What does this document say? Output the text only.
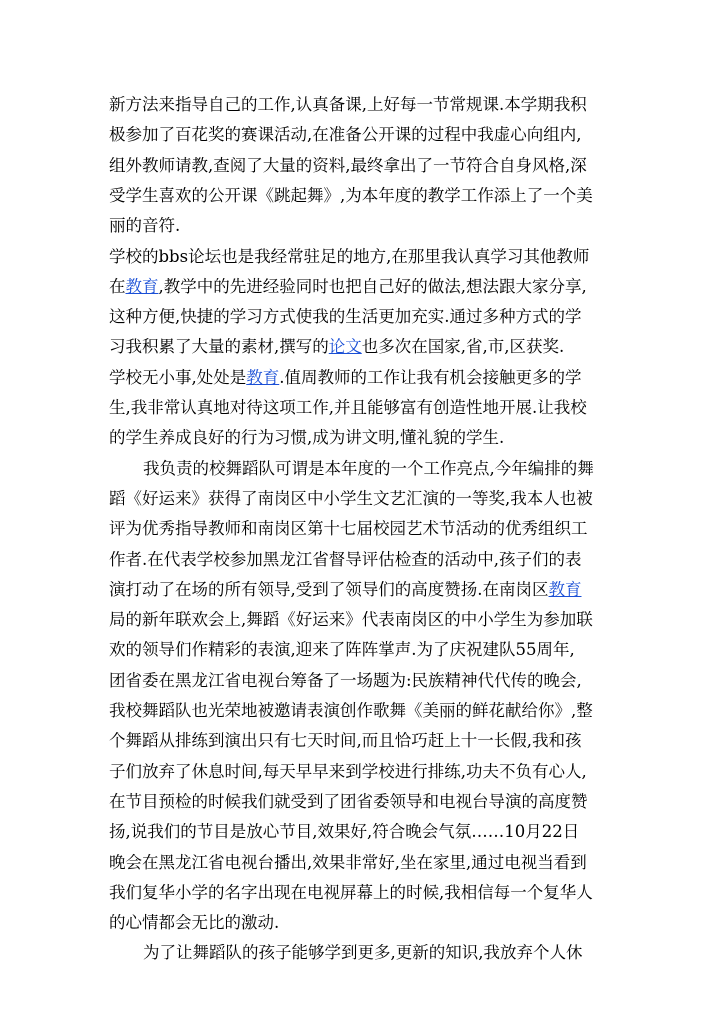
新方法来指导自己的工作,认真备课,上好每一节常规课.本学期我积
极参加了百花奖的赛课活动,在准备公开课的过程中我虚心向组内,
组外教师请教,查阅了大量的资料,最终拿出了一节符合自身风格,深
受学生喜欢的公开课《跳起舞》,为本年度的教学工作添上了一个美
丽的音符.
学校的bbs论坛也是我经常驻足的地方,在那里我认真学习其他教师
在教育,教学中的先进经验同时也把自己好的做法,想法跟大家分享,
这种方便,快捷的学习方式使我的生活更加充实.通过多种方式的学
习我积累了大量的素材,撰写的论文也多次在国家,省,市,区获奖.
学校无小事,处处是教育.值周教师的工作让我有机会接触更多的学
生,我非常认真地对待这项工作,并且能够富有创造性地开展.让我校
的学生养成良好的行为习惯,成为讲文明,懂礼貌的学生.
我负责的校舞蹈队可谓是本年度的一个工作亮点,今年编排的舞
蹈《好运来》获得了南岗区中小学生文艺汇演的一等奖,我本人也被
评为优秀指导教师和南岗区第十七届校园艺术节活动的优秀组织工
作者.在代表学校参加黑龙江省督导评估检查的活动中,孩子们的表
演打动了在场的所有领导,受到了领导们的高度赞扬.在南岗区教育
局的新年联欢会上,舞蹈《好运来》代表南岗区的中小学生为参加联
欢的领导们作精彩的表演,迎来了阵阵掌声.为了庆祝建队55周年,
团省委在黑龙江省电视台筹备了一场题为:民族精神代代传的晚会,
我校舞蹈队也光荣地被邀请表演创作歌舞《美丽的鲜花献给你》,整
个舞蹈从排练到演出只有七天时间,而且恰巧赶上十一长假,我和孩
子们放弃了休息时间,每天早早来到学校进行排练,功夫不负有心人,
在节目预检的时候我们就受到了团省委领导和电视台导演的高度赞
扬,说我们的节目是放心节目,效果好,符合晚会气氛……10月22日
晚会在黑龙江省电视台播出,效果非常好,坐在家里,通过电视当看到
我们复华小学的名字出现在电视屏幕上的时候,我相信每一个复华人
的心情都会无比的激动.
为了让舞蹈队的孩子能够学到更多,更新的知识,我放弃个人休
